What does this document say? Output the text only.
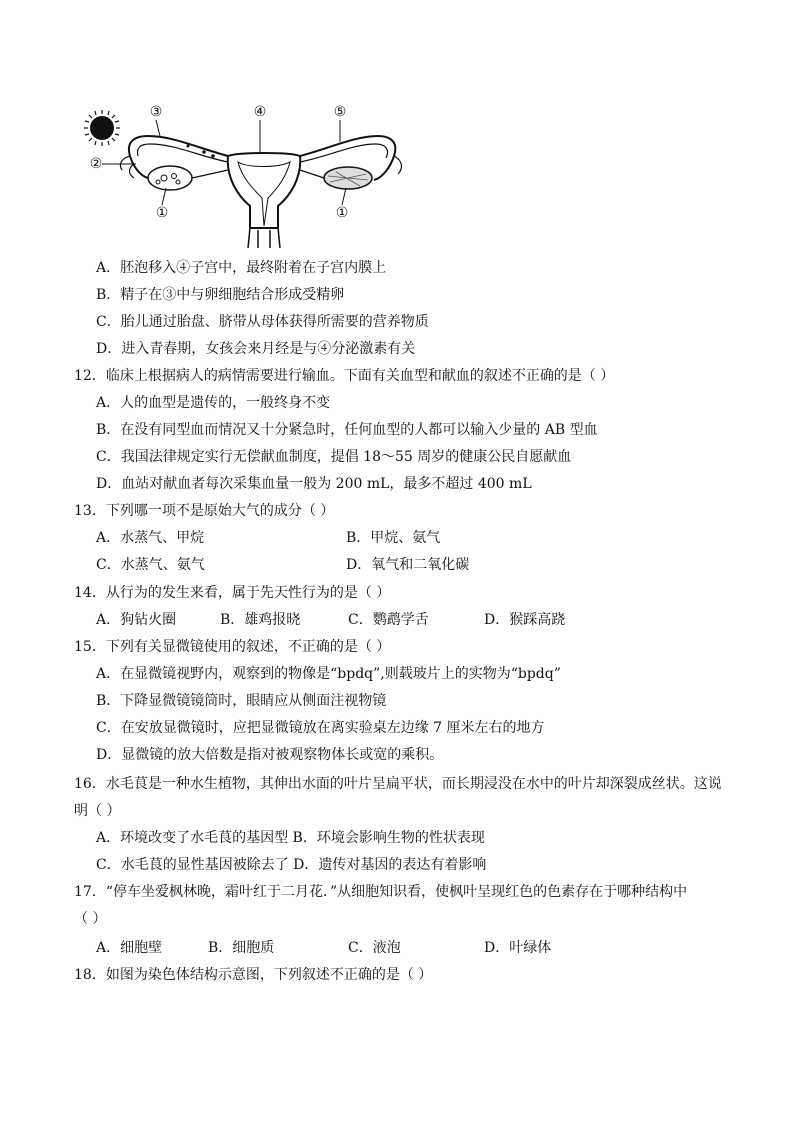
①
②
③	④	⑤
①
A．胚泡移入④子宫中，最终附着在子宫内膜上
B．精子在③中与卵细胞结合形成受精卵
C．胎儿通过胎盘、脐带从母体获得所需要的营养物质
D．进入青春期，女孩会来月经是与④分泌激素有关
12．临床上根据病人的病情需要进行输血。下面有关血型和献血的叙述不正确的是（ ）
A．人的血型是遗传的，一般终身不变
B．在没有同型血而情况又十分紧急时，任何血型的人都可以输入少量的 AB 型血
C．我国法律规定实行无偿献血制度，提倡 18～55 周岁的健康公民自愿献血
D．血站对献血者每次采集血量一般为 200 mL，最多不超过 400 mL
13．下列哪一项不是原始大气的成分（ ）
A．水蒸气、甲烷	B．甲烷、氨气
C．水蒸气、氨气	D．氧气和二氧化碳
14．从行为的发生来看，属于先天性行为的是（ ）
A．狗钻火圈	B．雄鸡报晓	C．鹦鹉学舌	D．猴踩高跷
15．下列有关显微镜使用的叙述，不正确的是（ ）
A．在显微镜视野内，观察到的物像是“bpdq”,则载玻片上的实物为“bpdq”
B．下降显微镜镜筒时，眼睛应从侧面注视物镜
C．在安放显微镜时，应把显微镜放在离实验桌左边缘 7 厘米左右的地方
D．显微镜的放大倍数是指对被观察物体长或宽的乘积。
16．水毛茛是一种水生植物，其伸出水面的叶片呈扁平状，而长期浸没在水中的叶片却深裂成丝状。这说
明（ ）
A．环境改变了水毛茛的基因型 B．环境会影响生物的性状表现
C．水毛茛的显性基因被除去了 D．遗传对基因的表达有着影响
17．“停车坐爱枫林晚，霜叶红于二月花．”从细胞知识看，使枫叶呈现红色的色素存在于哪种结构中
（ ）
A．细胞壁	B．细胞质	C．液泡	D．叶绿体
18．如图为染色体结构示意图，下列叙述不正确的是（ ）
